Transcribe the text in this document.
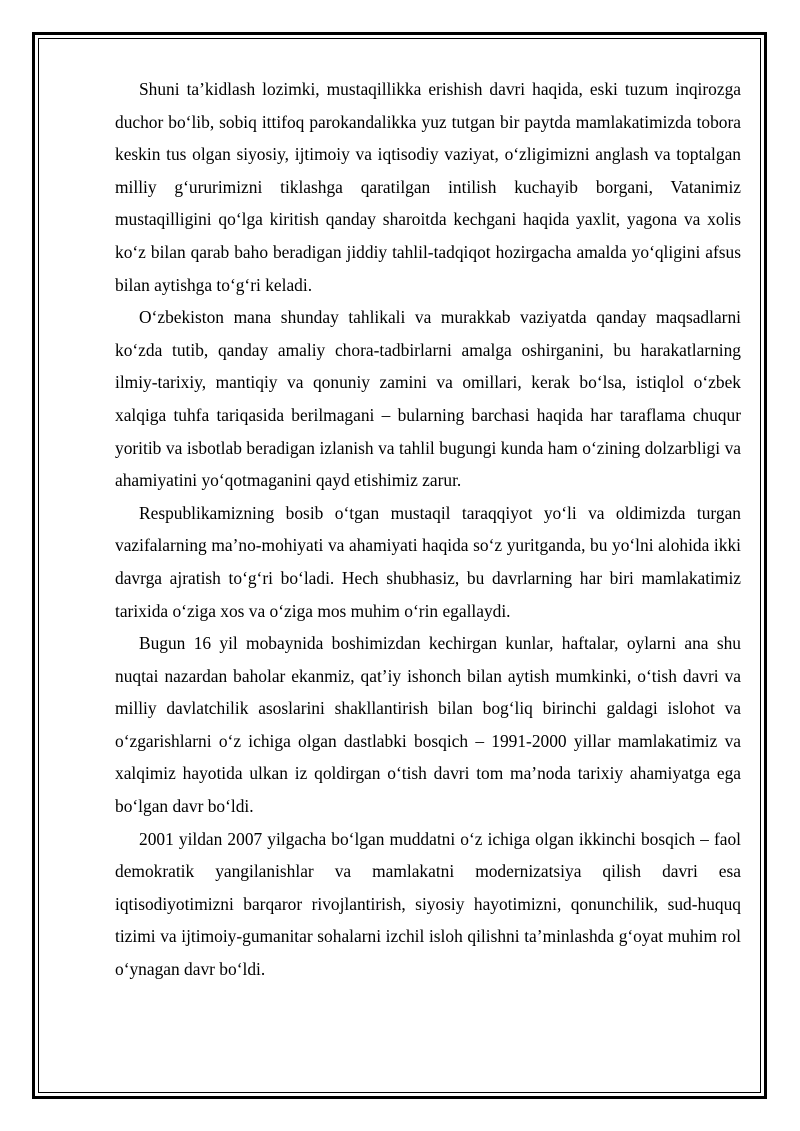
Shuni ta’kidlash lozimki, mustaqillikka erishish davri haqida, eski tuzum inqirozga duchor bo‘lib, sobiq ittifoq parokandalikka yuz tutgan bir paytda mamlakatimizda tobora keskin tus olgan siyosiy, ijtimoiy va iqtisodiy vaziyat, o‘zligimizni anglash va toptalgan milliy g‘ururimizni tiklashga qaratilgan intilish kuchayib borgani, Vatanimiz mustaqilligini qo‘lga kiritish qanday sharoitda kechgani haqida yaxlit, yagona va xolis ko‘z bilan qarab baho beradigan jiddiy tahlil-tadqiqot hozirgacha amalda yo‘qligini afsus bilan aytishga to‘g‘ri keladi.

O‘zbekiston mana shunday tahlikali va murakkab vaziyatda qanday maqsadlarni ko‘zda tutib, qanday amaliy chora-tadbirlarni amalga oshirganini, bu harakatlarning ilmiy-tarixiy, mantiqiy va qonuniy zamini va omillari, kerak bo‘lsa, istiqlol o‘zbek xalqiga tuhfa tariqasida berilmagani – bularning barchasi haqida har taraflama chuqur yoritib va isbotlab beradigan izlanish va tahlil bugungi kunda ham o‘zining dolzarbligi va ahamiyatini yo‘qotmaganini qayd etishimiz zarur.

Respublikamizning bosib o‘tgan mustaqil taraqqiyot yo‘li va oldimizda turgan vazifalarning ma’no-mohiyati va ahamiyati haqida so‘z yuritganda, bu yo‘lni alohida ikki davrga ajratish to‘g‘ri bo‘ladi. Hech shubhasiz, bu davrlarning har biri mamlakatimiz tarixida o‘ziga xos va o‘ziga mos muhim o‘rin egallaydi.

Bugun 16 yil mobaynida boshimizdan kechirgan kunlar, haftalar, oylarni ana shu nuqtai nazardan baholar ekanmiz, qat’iy ishonch bilan aytish mumkinki, o‘tish davri va milliy davlatchilik asoslarini shakllantirish bilan bog‘liq birinchi galdagi islohot va o‘zgarishlarni o‘z ichiga olgan dastlabki bosqich – 1991-2000 yillar mamlakatimiz va xalqimiz hayotida ulkan iz qoldirgan o‘tish davri tom ma’noda tarixiy ahamiyatga ega bo‘lgan davr bo‘ldi.

2001 yildan 2007 yilgacha bo‘lgan muddatni o‘z ichiga olgan ikkinchi bosqich – faol demokratik yangilanishlar va mamlakatni modernizatsiya qilish davri esa iqtisodiyotimizni barqaror rivojlantirish, siyosiy hayotimizni, qonunchilik, sud-huquq tizimi va ijtimoiy-gumanitar sohalarni izchil isloh qilishni ta’minlashda g‘oyat muhim rol o‘ynagan davr bo‘ldi.
